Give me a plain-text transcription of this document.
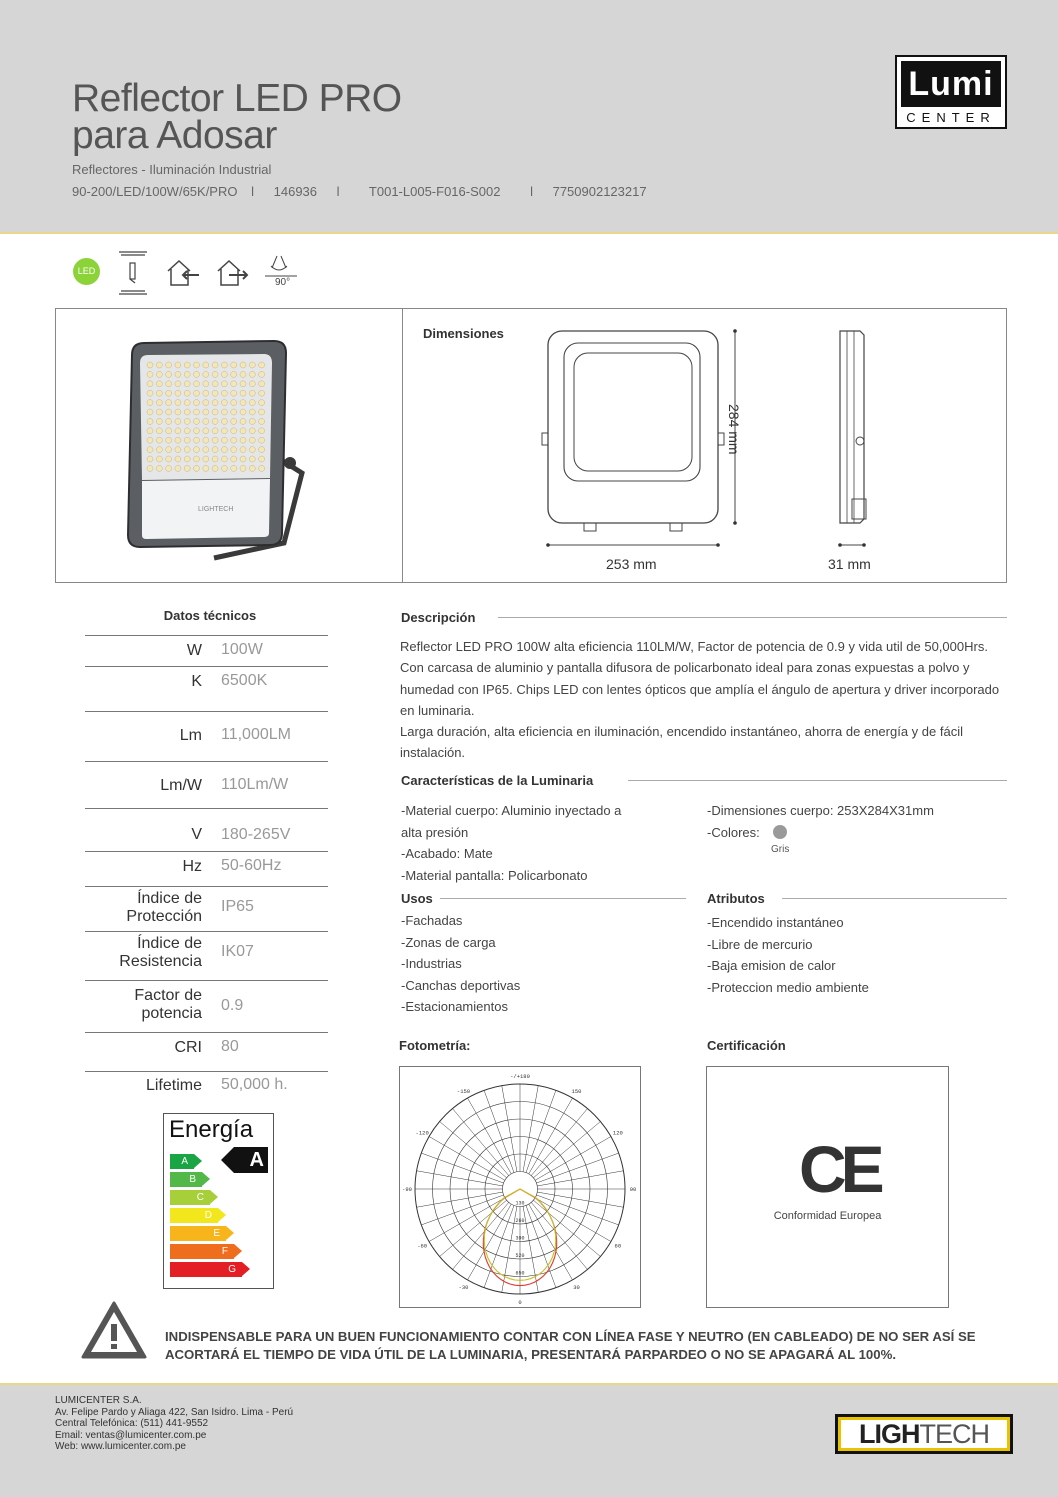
Reflector LED PRO
para Adosar
Reflectores - Iluminación Industrial
90-200/LED/100W/65K/PRO l 146936 l T001-L005-F016-S002 l 7750902123217
Lumi
CENTER
LED
90°
LIGHTECH
Dimensiones
284 mm
253 mm	31 mm
Datos técnicos
W 100W
K 6500K
Lm 11,000LM
Lm/W 110Lm/W
V 180-265V
Hz 50-60Hz
Índice de
Protección
IP65
Índice de
Resistencia
IK07
Factor de
potencia 0.9
CRI 80
Lifetime 50,000 h.
Energía
A
B
C
D
E
F
G
A
Descripción
Reflector LED PRO 100W alta eficiencia 110LM/W, Factor de potencia de 0.9 y vida util de 50,000Hrs. Con carcasa de aluminio y pantalla difusora de policarbonato ideal para zonas expuestas a polvo y humedad con IP65. Chips LED con lentes ópticos que amplía el ángulo de apertura y driver incorporado en luminaria.
Larga duración, alta eficiencia en iluminación, encendido instantáneo, ahorra de energía y de fácil instalación.
Características de la Luminaria
-Material cuerpo: Aluminio inyectado a
alta presión
-Acabado: Mate
-Material pantalla: Policarbonato
-Dimensiones cuerpo: 253X284X31mm
-Colores:
Gris
Usos
-Fachadas
-Zonas de carga
-Industrias
-Canchas deportivas
-Estacionamientos
Atributos
-Encendido instantáneo
-Libre de mercurio
-Baja emision de calor
-Proteccion medio ambiente
Fotometría:
-/+180
-150	150
-120	120
-90	90
-60	60
-30	30
0
130
260
390
520
650
Certificación
CE
Conformidad Europea
INDISPENSABLE PARA UN BUEN FUNCIONAMIENTO CONTAR CON LÍNEA FASE Y NEUTRO (EN CABLEADO) DE NO SER ASÍ SE ACORTARÁ EL TIEMPO DE VIDA ÚTIL DE LA LUMINARIA, PRESENTARÁ PARPARDEO O NO SE APAGARÁ AL 100%.
LUMICENTER S.A.
Av. Felipe Pardo y Aliaga 422, San Isidro. Lima - Perú
Central Telefónica: (511) 441-9552
Email: ventas@lumicenter.com.pe
Web: www.lumicenter.com.pe	LIGHTECH
